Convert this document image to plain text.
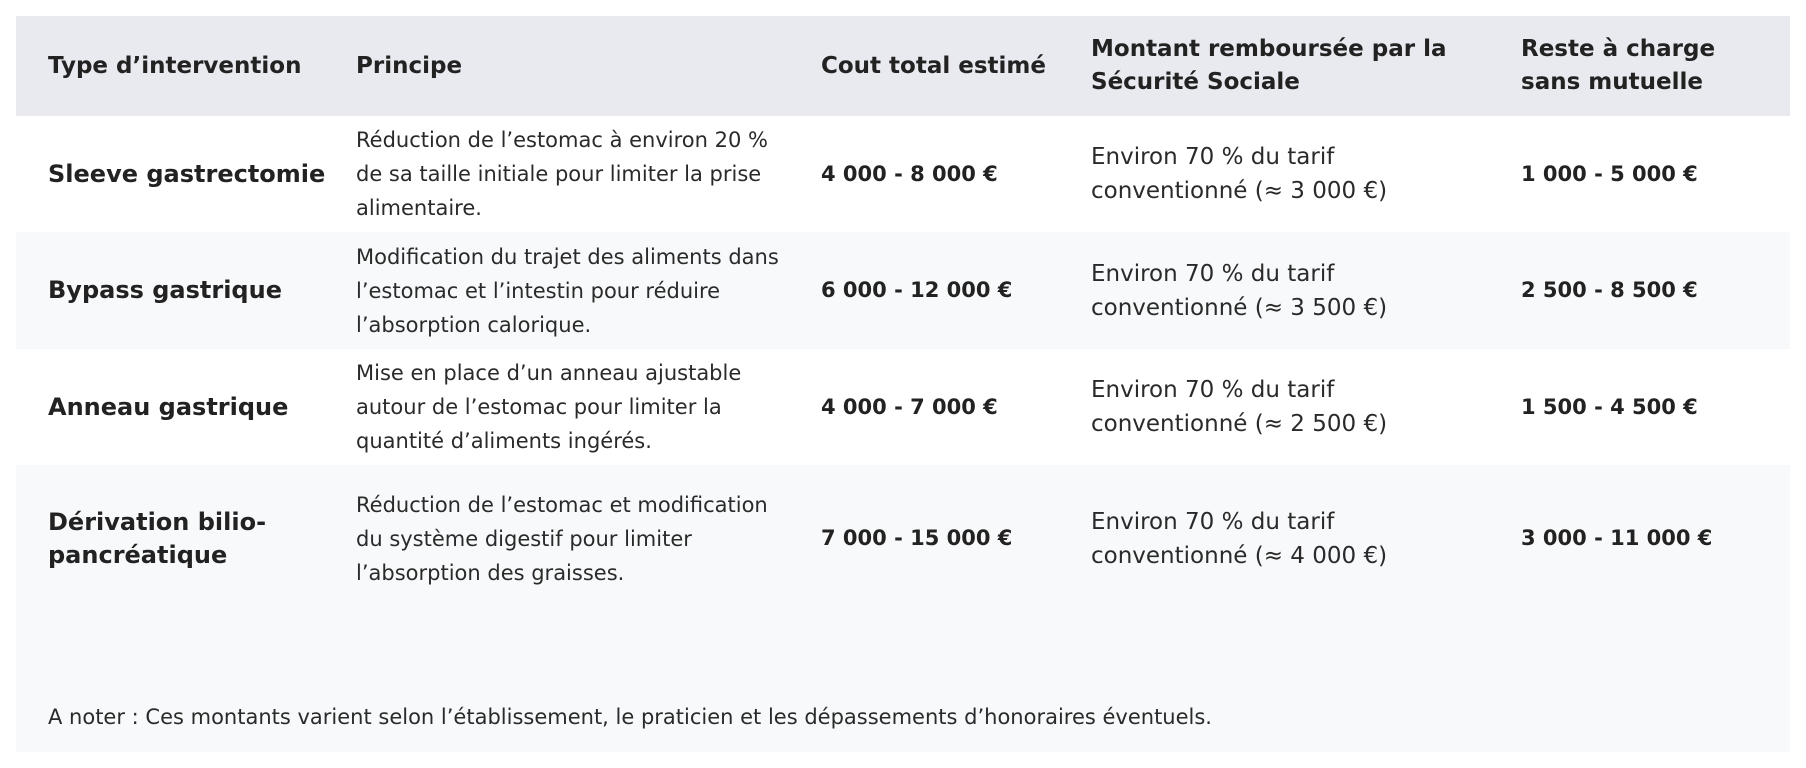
Type d’intervention	Principe	Cout total estimé
Montant remboursée par la Sécurité Sociale
Reste à charge sans mutuelle
Sleeve gastrectomie
Réduction de l’estomac à environ 20 % de sa taille initiale pour limiter la prise alimentaire.
4 000 - 8 000 €
Environ 70 % du tarif conventionné (≈ 3 000 €)
1 000 - 5 000 €
Bypass gastrique
Modification du trajet des aliments dans l’estomac et l’intestin pour réduire l’absorption calorique.
6 000 - 12 000 €
Environ 70 % du tarif conventionné (≈ 3 500 €)
2 500 - 8 500 €
Anneau gastrique
Mise en place d’un anneau ajustable autour de l’estomac pour limiter la quantité d’aliments ingérés.
4 000 - 7 000 €
Environ 70 % du tarif conventionné (≈ 2 500 €)
1 500 - 4 500 €
Dérivation bilio-pancréatique
Réduction de l’estomac et modification du système digestif pour limiter l’absorption des graisses.
7 000 - 15 000 €
Environ 70 % du tarif conventionné (≈ 4 000 €)
3 000 - 11 000 €
A noter : Ces montants varient selon l’établissement, le praticien et les dépassements d’honoraires éventuels.
